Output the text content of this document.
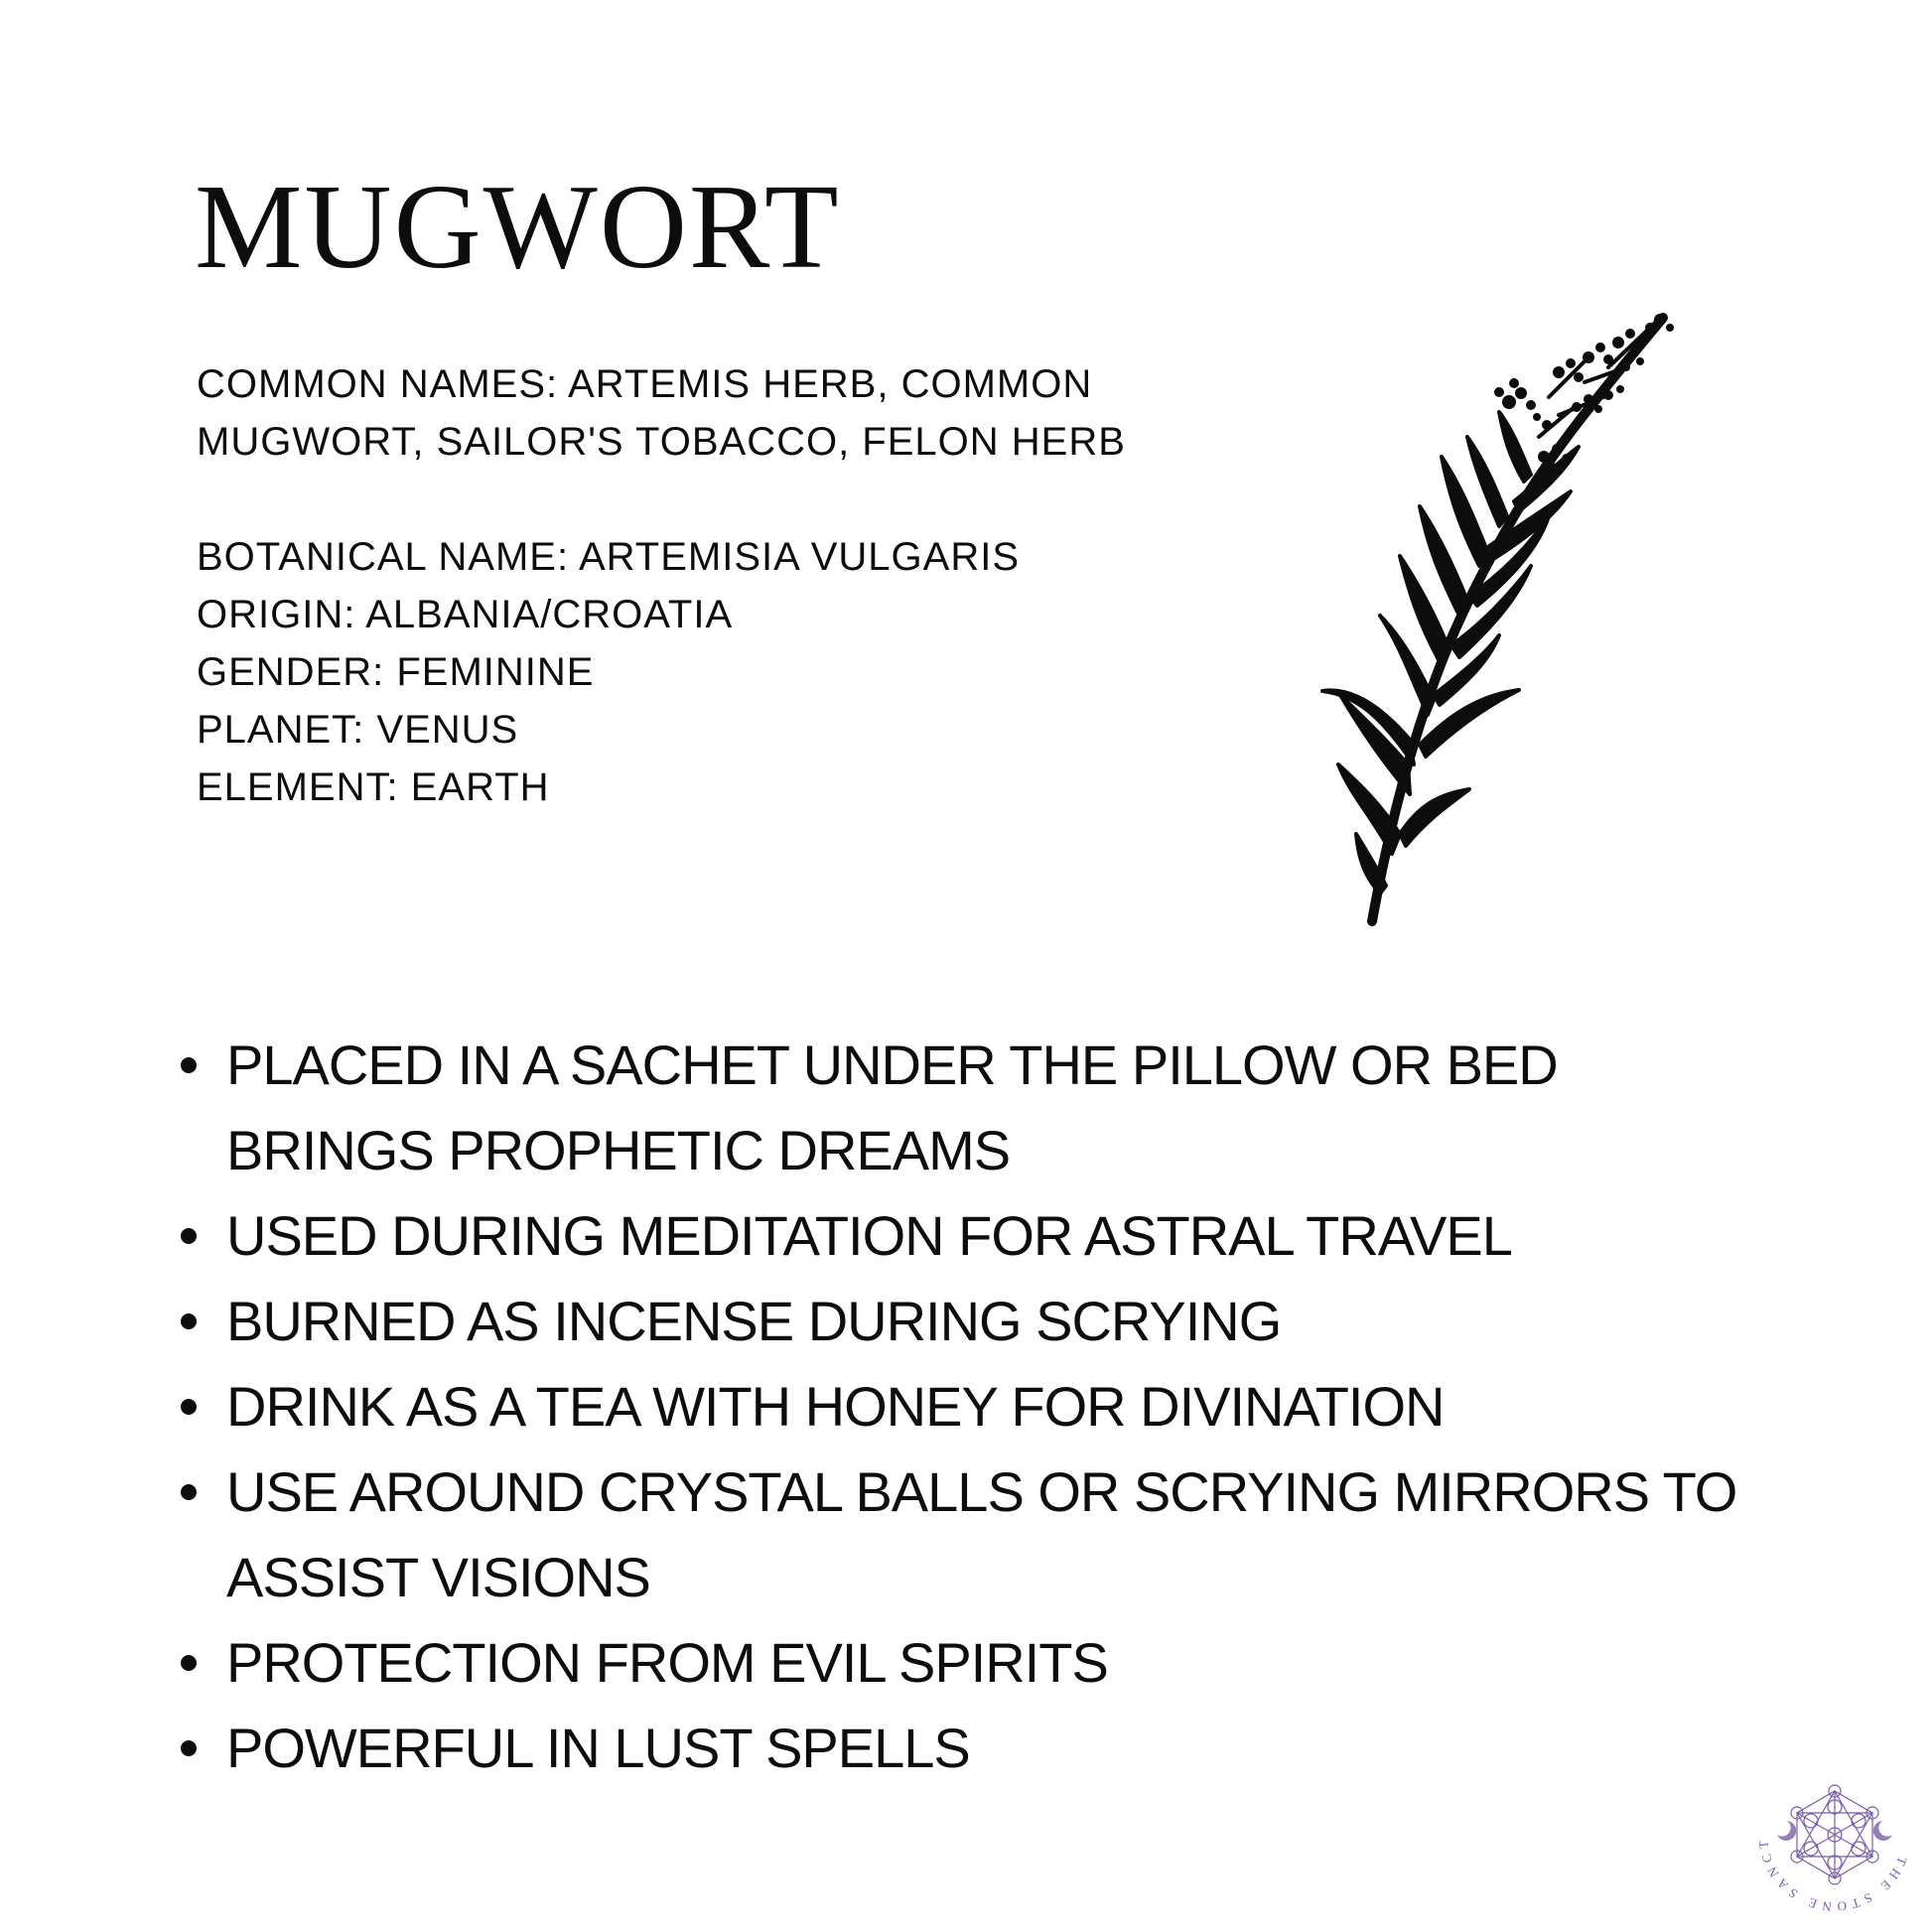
MUGWORT
COMMON NAMES: ARTEMIS HERB, COMMON
MUGWORT, SAILOR'S TOBACCO, FELON HERB
BOTANICAL NAME: ARTEMISIA VULGARIS
ORIGIN: ALBANIA/CROATIA
GENDER: FEMININE
PLANET: VENUS
ELEMENT: EARTH
PLACED IN A SACHET UNDER THE PILLOW OR BED BRINGS PROPHETIC DREAMS
USED DURING MEDITATION FOR ASTRAL TRAVEL
BURNED AS INCENSE DURING SCRYING
DRINK AS A TEA WITH HONEY FOR DIVINATION
USE AROUND CRYSTAL BALLS OR SCRYING MIRRORS TO ASSIST VISIONS
PROTECTION FROM EVIL SPIRITS
POWERFUL IN LUST SPELLS
THE STONE SANCT
